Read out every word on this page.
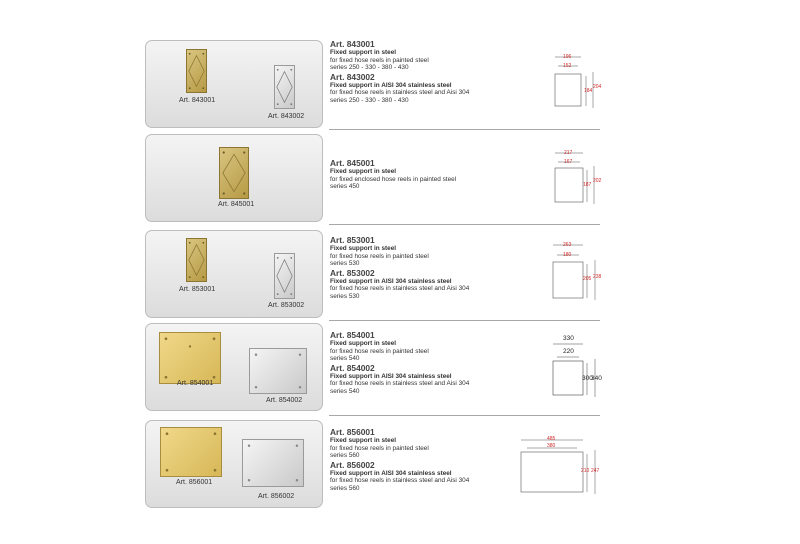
Art. 843001
Art. 843002
Art. 843001
Fixed support in steel
for fixed hose reels in painted steel
series 250 - 330 - 380 - 430
Art. 843002
Fixed support in AISI 304 stainless steel
for fixed hose reels in stainless steel and Aisi 304
series 250 - 330 - 380 - 430
196
152
184
204
Art. 845001
Art. 845001
Fixed support in steel
for fixed enclosed hose reels in painted steel
series 450
217
167
187
202
Art. 853001
Art. 853002
Art. 853001
Fixed support in steel
for fixed hose reels in painted steel
series 530
Art. 853002
Fixed support in AISI 304 stainless steel
for fixed hose reels in stainless steel and Aisi 304
series 530
263
180
205 238
Art. 854001
Art. 854002
Art. 854001
Fixed support in steel
for fixed hose reels in painted steel
series 540
Art. 854002
Fixed support in AISI 304 stainless steel
for fixed hose reels in stainless steel and Aisi 304
series 540
330
220
300
340
Art. 856001
Art. 856002
Art. 856001
Fixed support in steel
for fixed hose reels in painted steel
series 560
Art. 856002
Fixed support in AISI 304 stainless steel
for fixed hose reels in stainless steel and Aisi 304
series 560
485
380
210 247
